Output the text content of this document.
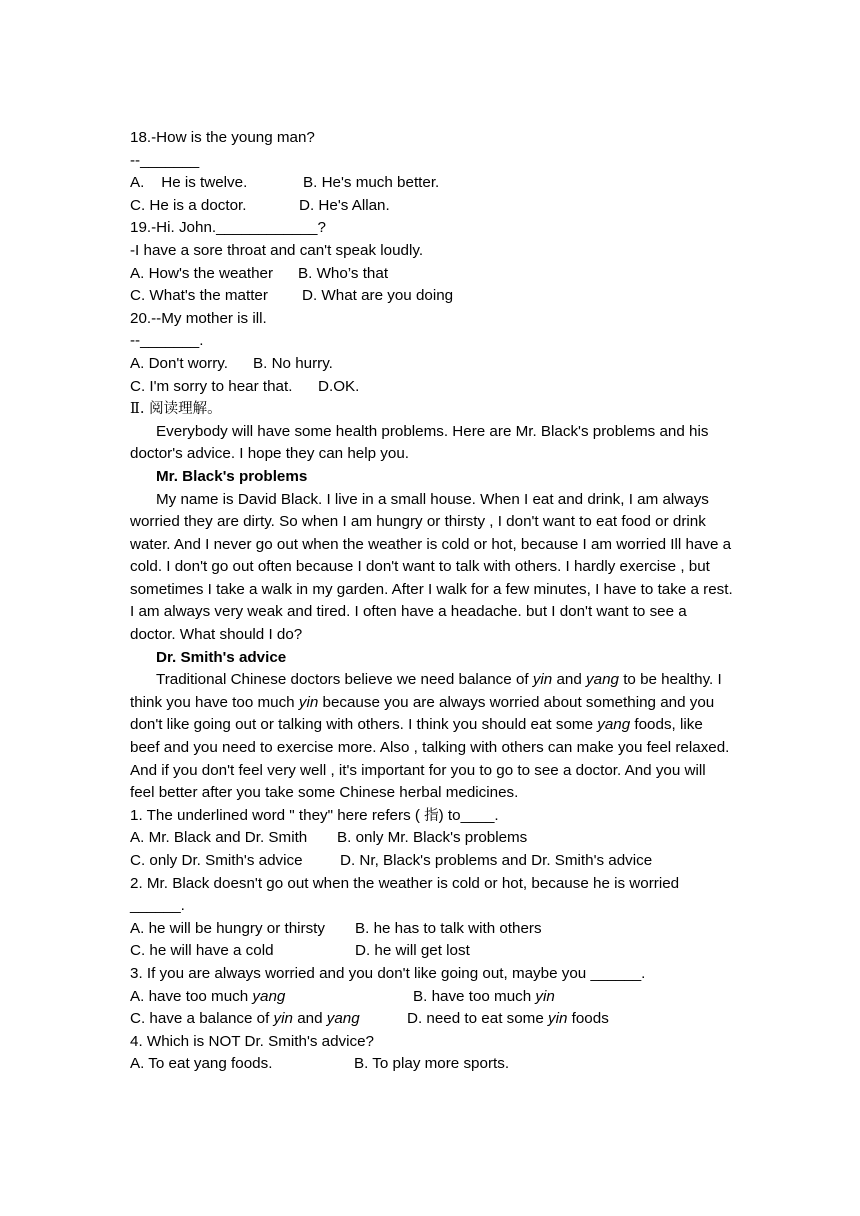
18.-How is the young man?
--_______
A.    He is twelve.	B. He's much better.
C. He is a doctor.	D. He's Allan.
19.-Hi. John.____________?
-I have a sore throat and can't speak loudly.
A. How's the weather B. Who’s that
C. What's the matter D. What are you doing
20.--My mother is ill.
--_______.
A. Don't worry. B. No hurry.
C. I'm sorry to hear that. D.OK.
Ⅱ. 阅读理解。

Everybody will have some health problems. Here are Mr. Black's problems and his doctor's advice. I hope they can help you.

Mr. Black's problems

My name is David Black. I live in a small house. When I eat and drink, I am always worried they are dirty. So when I am hungry or thirsty , I don't want to eat food or drink water. And I never go out when the weather is cold or hot, because I am worried Ill have a cold. I don't go out often because I don't want to talk with others. I hardly exercise , but sometimes I take a walk in my garden. After I walk for a few minutes, I have to take a rest. I am always very weak and tired. I often have a headache. but I don't want to see a doctor. What should I do?

Dr. Smith's advice

Traditional Chinese doctors believe we need balance of yin and yang to be healthy. I think you have too much yin because you are always worried about something and you don't like going out or talking with others. I think you should eat some yang foods, like beef and you need to exercise more. Also , talking with others can make you feel relaxed. And if you don't feel very well , it's important for you to go to see a doctor. And you will feel better after you take some Chinese herbal medicines.

1. The underlined word " they" here refers ( 指) to____.
A. Mr. Black and Dr. Smith B. only Mr. Black's problems
C. only Dr. Smith's advice D. Nr, Black's problems and Dr. Smith's advice
2. Mr. Black doesn't go out when the weather is cold or hot, because he is worried
______.
A. he will be hungry or thirsty B. he has to talk with others
C. he will have a cold	D. he will get lost
3. If you are always worried and you don't like going out, maybe you ______.
A. have too much yang	B. have too much yin
C. have a balance of yin and yang	D. need to eat some yin foods
4. Which is NOT Dr. Smith's advice?
A. To eat yang foods.	B. To play more sports.
